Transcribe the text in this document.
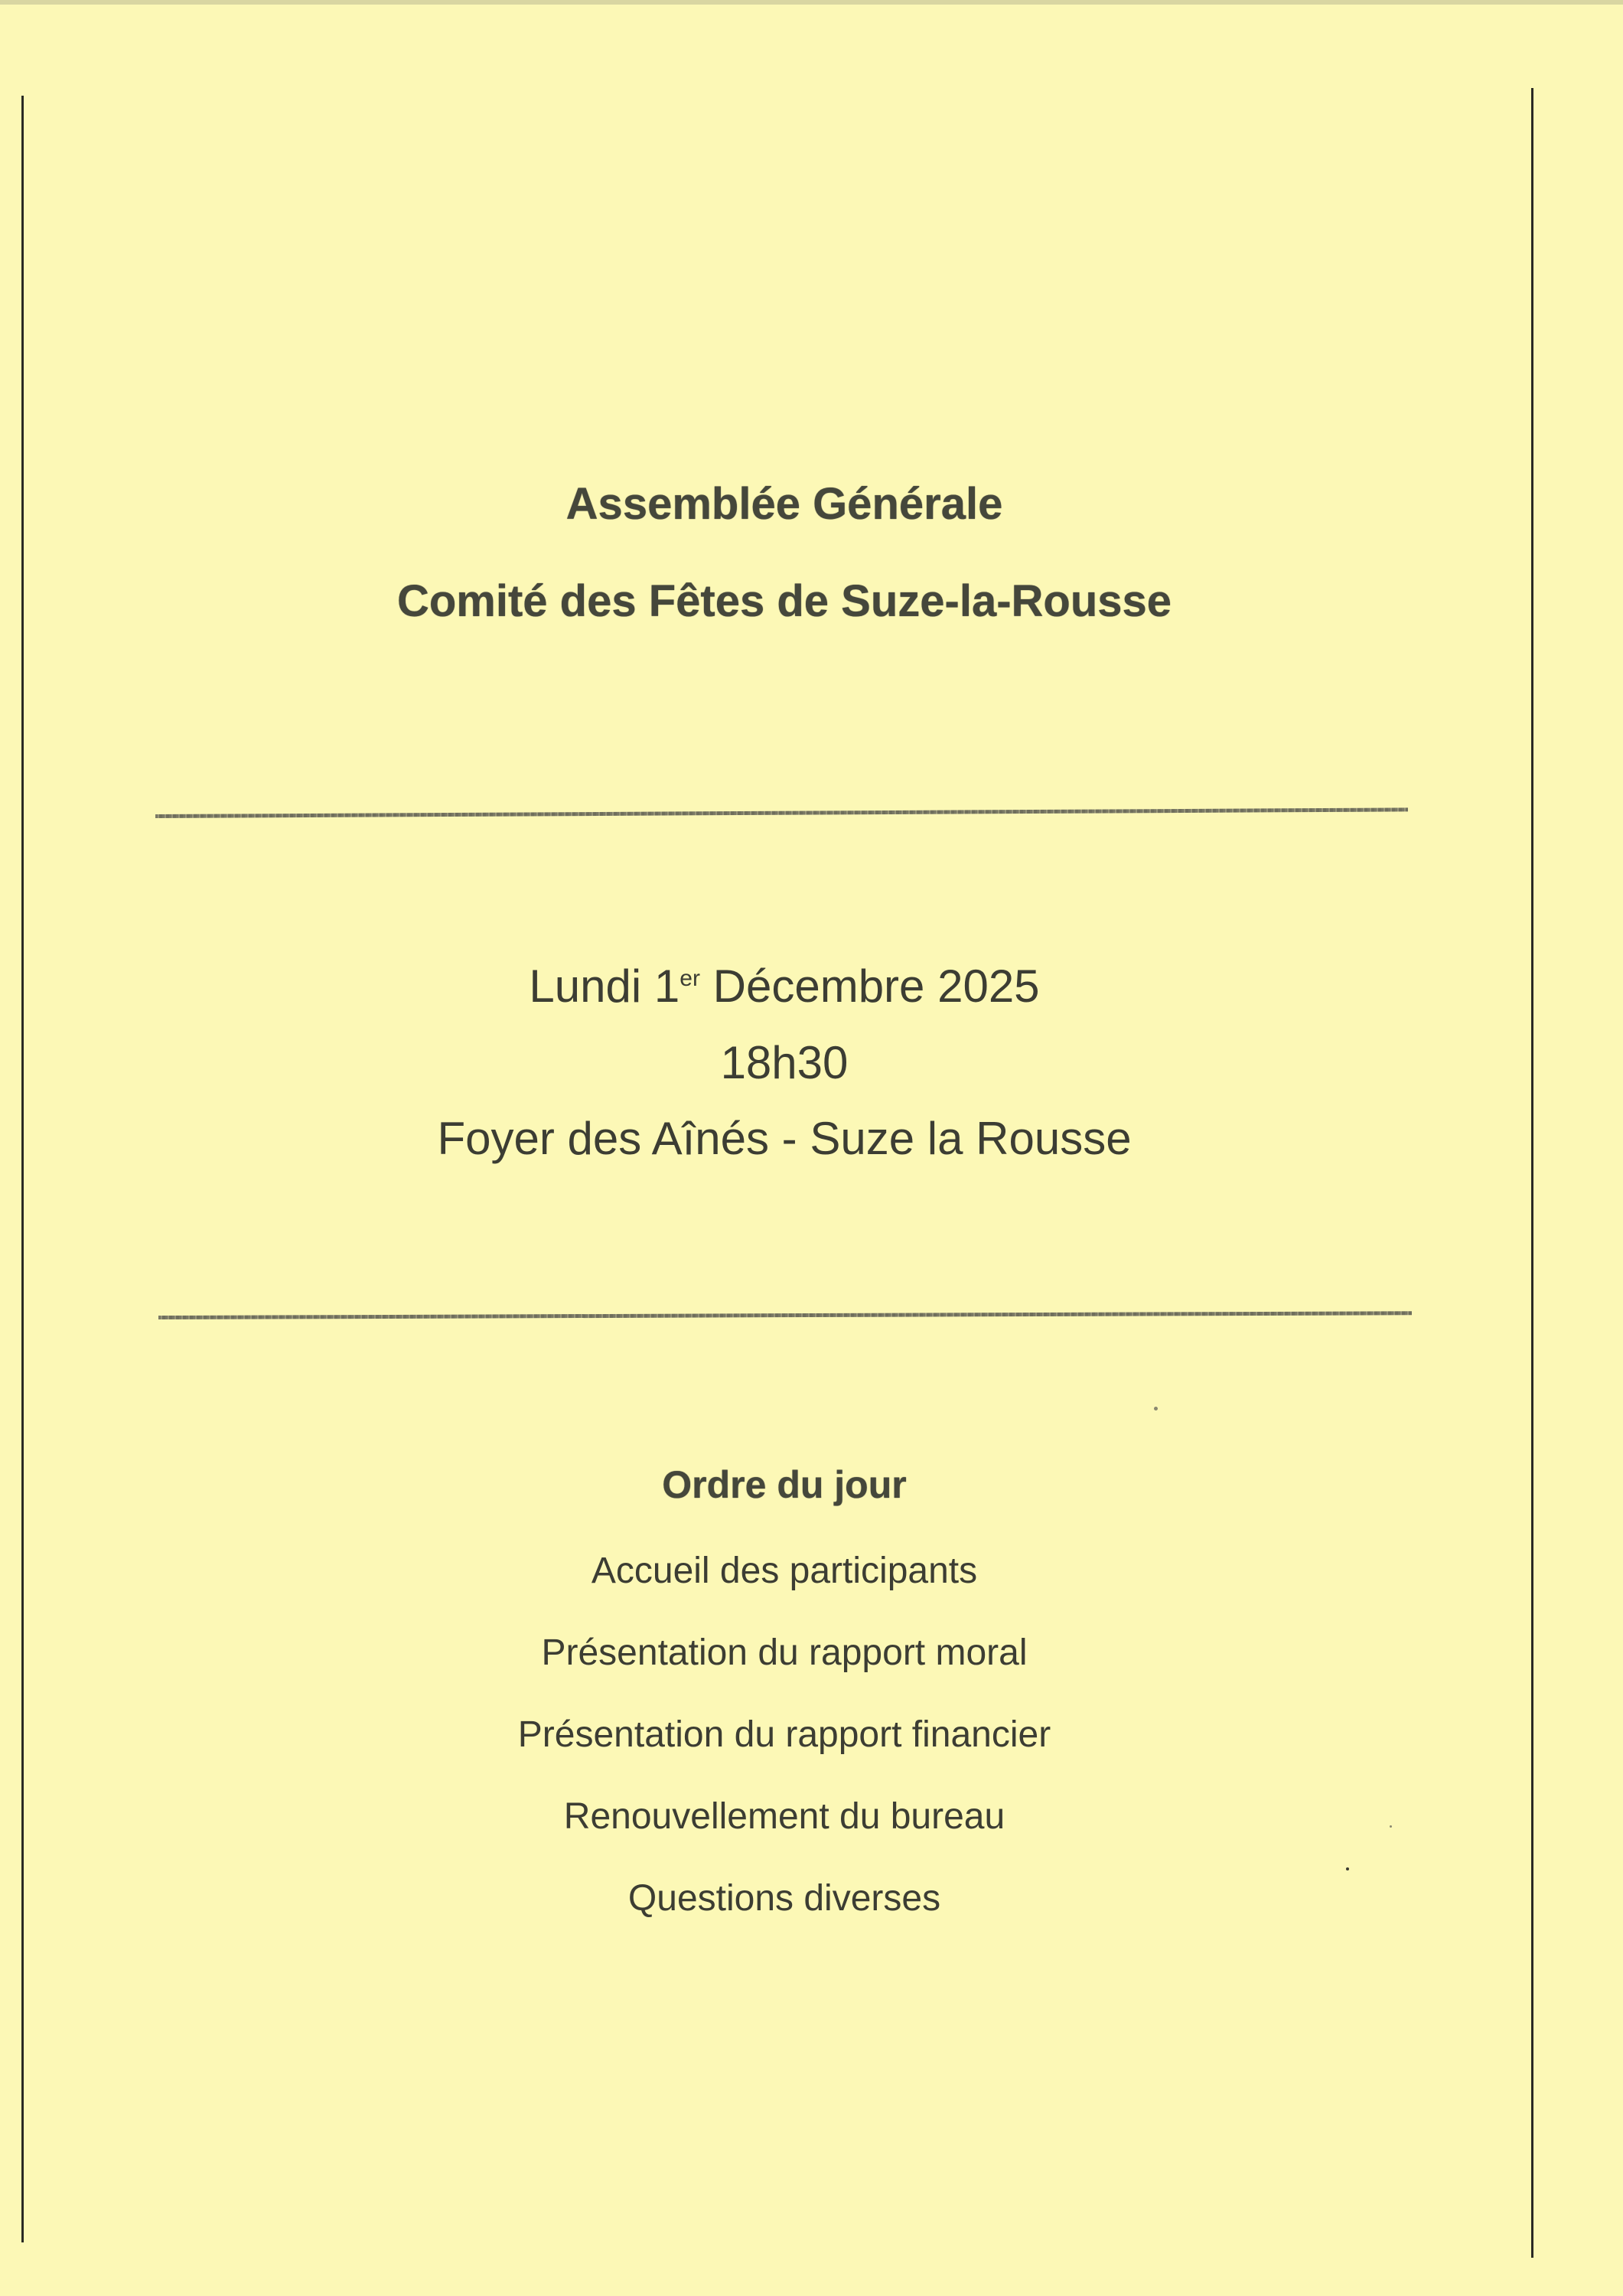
Assemblée Générale
Comité des Fêtes de Suze-la-Rousse
Lundi 1er Décembre 2025
18h30
Foyer des Aînés - Suze la Rousse
Ordre du jour
Accueil des participants
Présentation du rapport moral
Présentation du rapport financier
Renouvellement du bureau
Questions diverses
